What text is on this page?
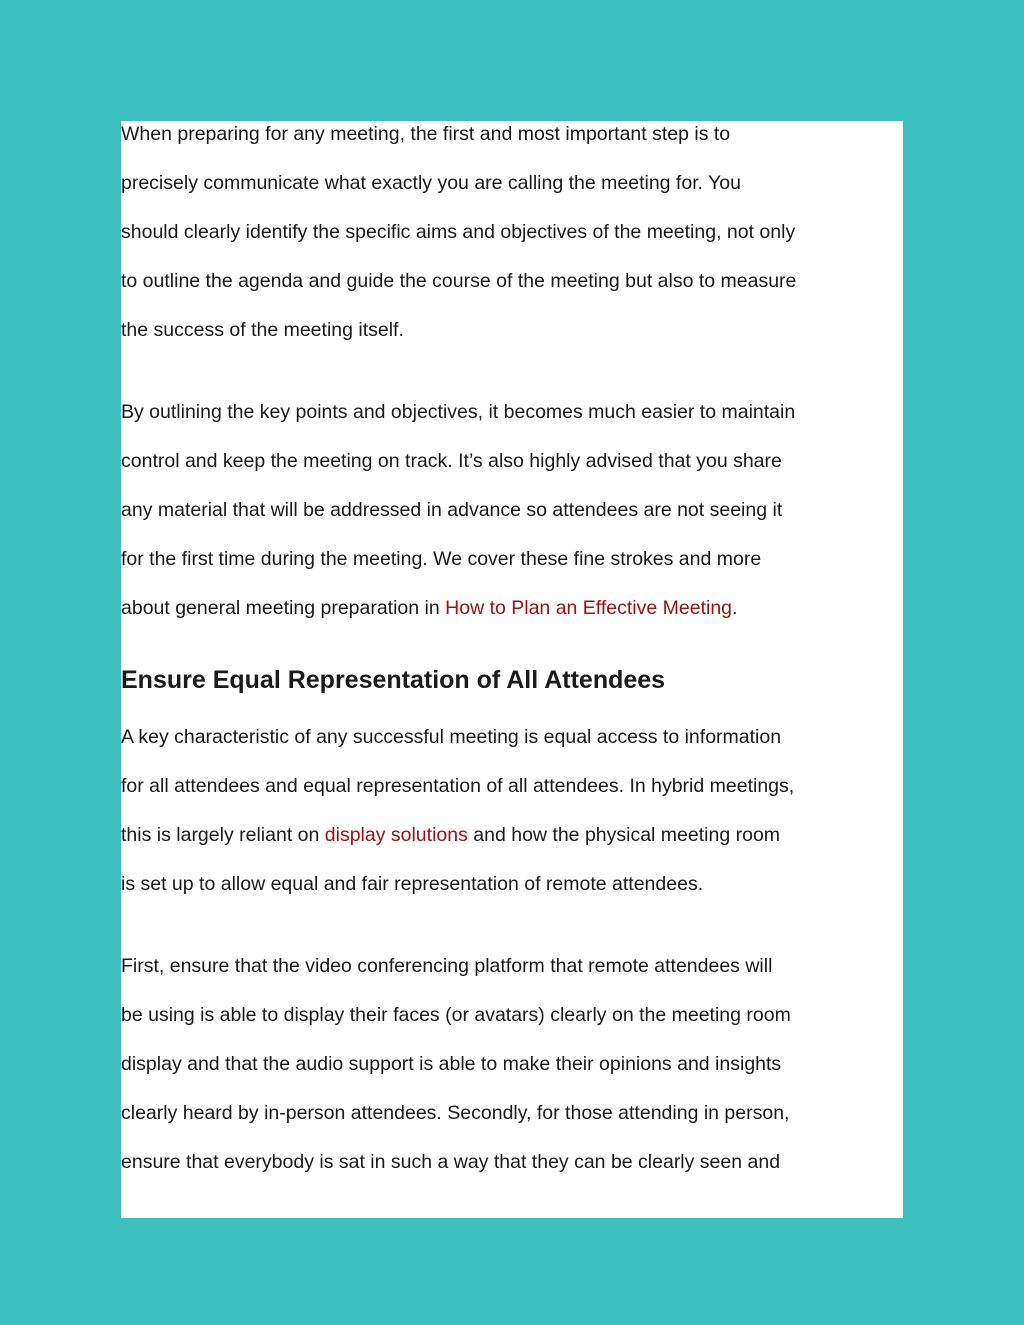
When preparing for any meeting, the first and most important step is to
precisely communicate what exactly you are calling the meeting for. You
should clearly identify the specific aims and objectives of the meeting, not only
to outline the agenda and guide the course of the meeting but also to measure
the success of the meeting itself.

By outlining the key points and objectives, it becomes much easier to maintain
control and keep the meeting on track. It’s also highly advised that you share
any material that will be addressed in advance so attendees are not seeing it
for the first time during the meeting. We cover these fine strokes and more
about general meeting preparation in How to Plan an Effective Meeting.

Ensure Equal Representation of All Attendees

A key characteristic of any successful meeting is equal access to information
for all attendees and equal representation of all attendees. In hybrid meetings,
this is largely reliant on display solutions and how the physical meeting room
is set up to allow equal and fair representation of remote attendees.

First, ensure that the video conferencing platform that remote attendees will
be using is able to display their faces (or avatars) clearly on the meeting room
display and that the audio support is able to make their opinions and insights
clearly heard by in-person attendees. Secondly, for those attending in person,
ensure that everybody is sat in such a way that they can be clearly seen and
